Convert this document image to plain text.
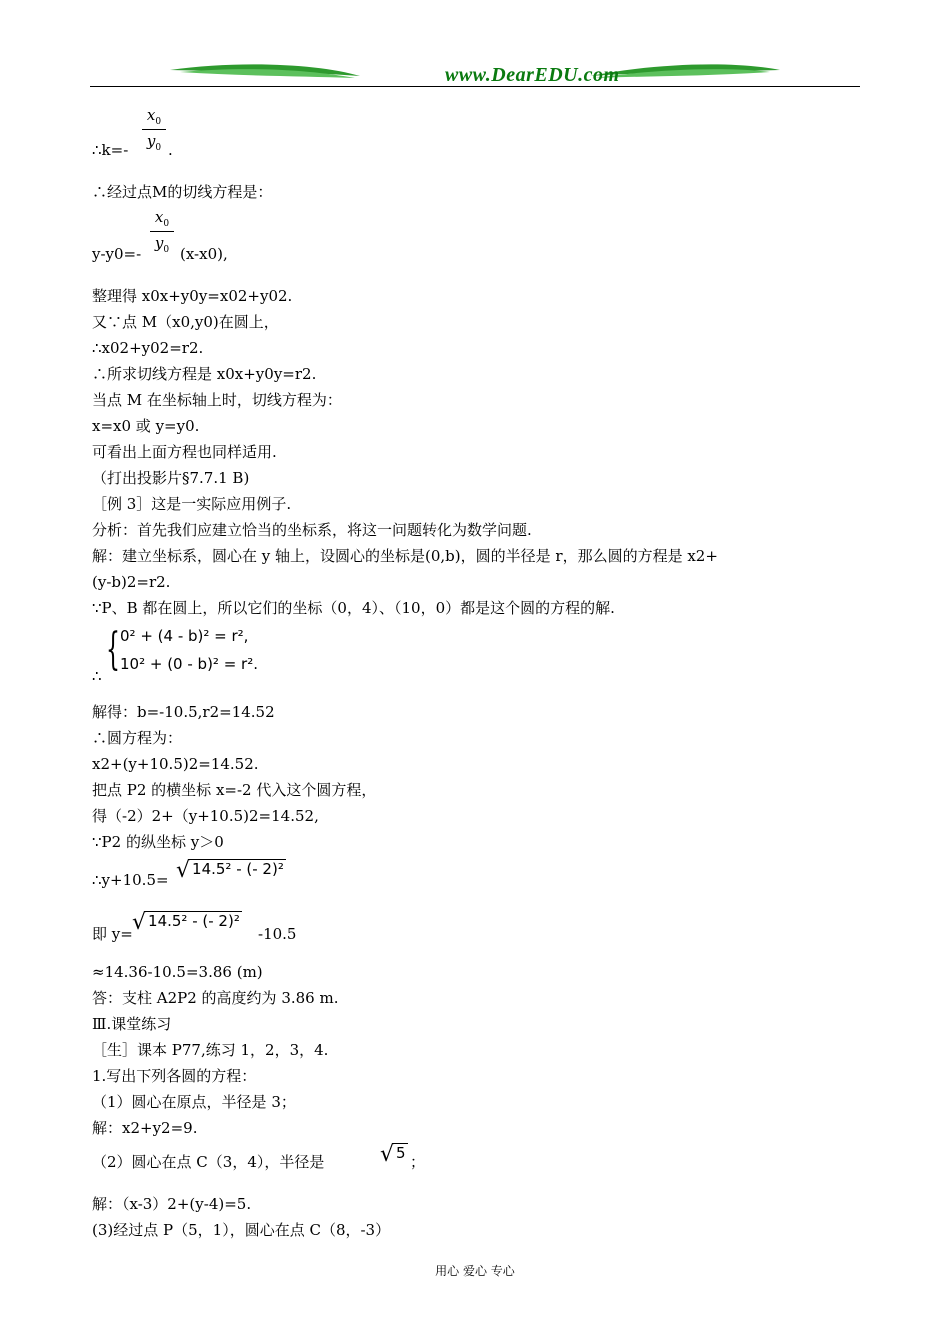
www.DearEDU.com
$x_0$
$y_0$
∴k=-	.
∴经过点M的切线方程是：
$x_0$
$y_0$
y-y0=-	(x-x0),
整理得 x0x+y0y=x02+y02.
又∵点 M（x0,y0)在圆上，
∴x02+y02=r2.
∴所求切线方程是 x0x+y0y=r2.
当点 M 在坐标轴上时，切线方程为：
x=x0 或 y=y0.
可看出上面方程也同样适用.
（打出投影片§7.7.1 B)
［例 3］这是一实际应用例子.
分析：首先我们应建立恰当的坐标系，将这一问题转化为数学问题.
解：建立坐标系，圆心在 y 轴上，设圆心的坐标是(0,b)，圆的半径是 r，那么圆的方程是 x2+
(y-b)2=r2.
∵P、B 都在圆上，所以它们的坐标（0，4）、（10，0）都是这个圆的方程的解.
{ 0² + (4 - b)² = r²,
10² + (0 - b)² = r².
∴
解得：b=-10.5,r2=14.52
∴圆方程为：
x2+(y+10.5)2=14.52.
把点 P2 的横坐标 x=-2 代入这个圆方程，
得（-2）2+（y+10.5)2=14.52,
∵P2 的纵坐标 y＞0
∴y+10.5= √ 14.5² - (- 2)²
即 y= √ 14.5² - (- 2)²
-10.5
≈14.36-10.5=3.86 (m)
答：支柱 A2P2 的高度约为 3.86 m.
Ⅲ.课堂练习
［生］课本 P77,练习 1，2，3，4.
1.写出下列各圆的方程：
（1）圆心在原点，半径是 3；
解：x2+y2=9.
（2）圆心在点 C（3，4），半径是	√ 5 ；
解：（x-3）2+(y-4)=5.
(3)经过点 P（5，1），圆心在点 C（8，-3）
用心 爱心 专心
